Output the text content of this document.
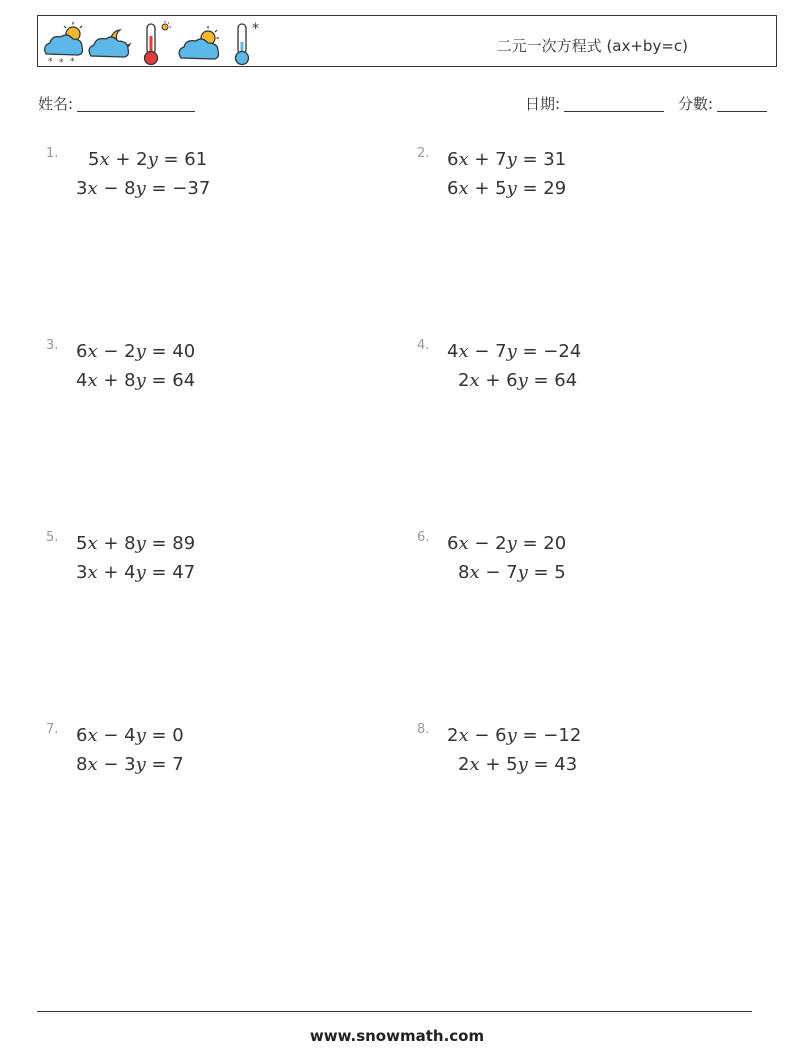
* * *
*
二元一次方程式 (ax+by=c)
姓名:	日期:	分數:
1. 5x + 2y = 61
3x − 8y = −37
2. 6x + 7y = 31
6x + 5y = 29
3. 6x − 2y = 40
4x + 8y = 64
4. 4x − 7y = −24
2x + 6y = 64
5. 5x + 8y = 89
3x + 4y = 47
6. 6x − 2y = 20
8x − 7y = 5
7. 6x − 4y = 0
8x − 3y = 7
8. 2x − 6y = −12
2x + 5y = 43
www.snowmath.com
